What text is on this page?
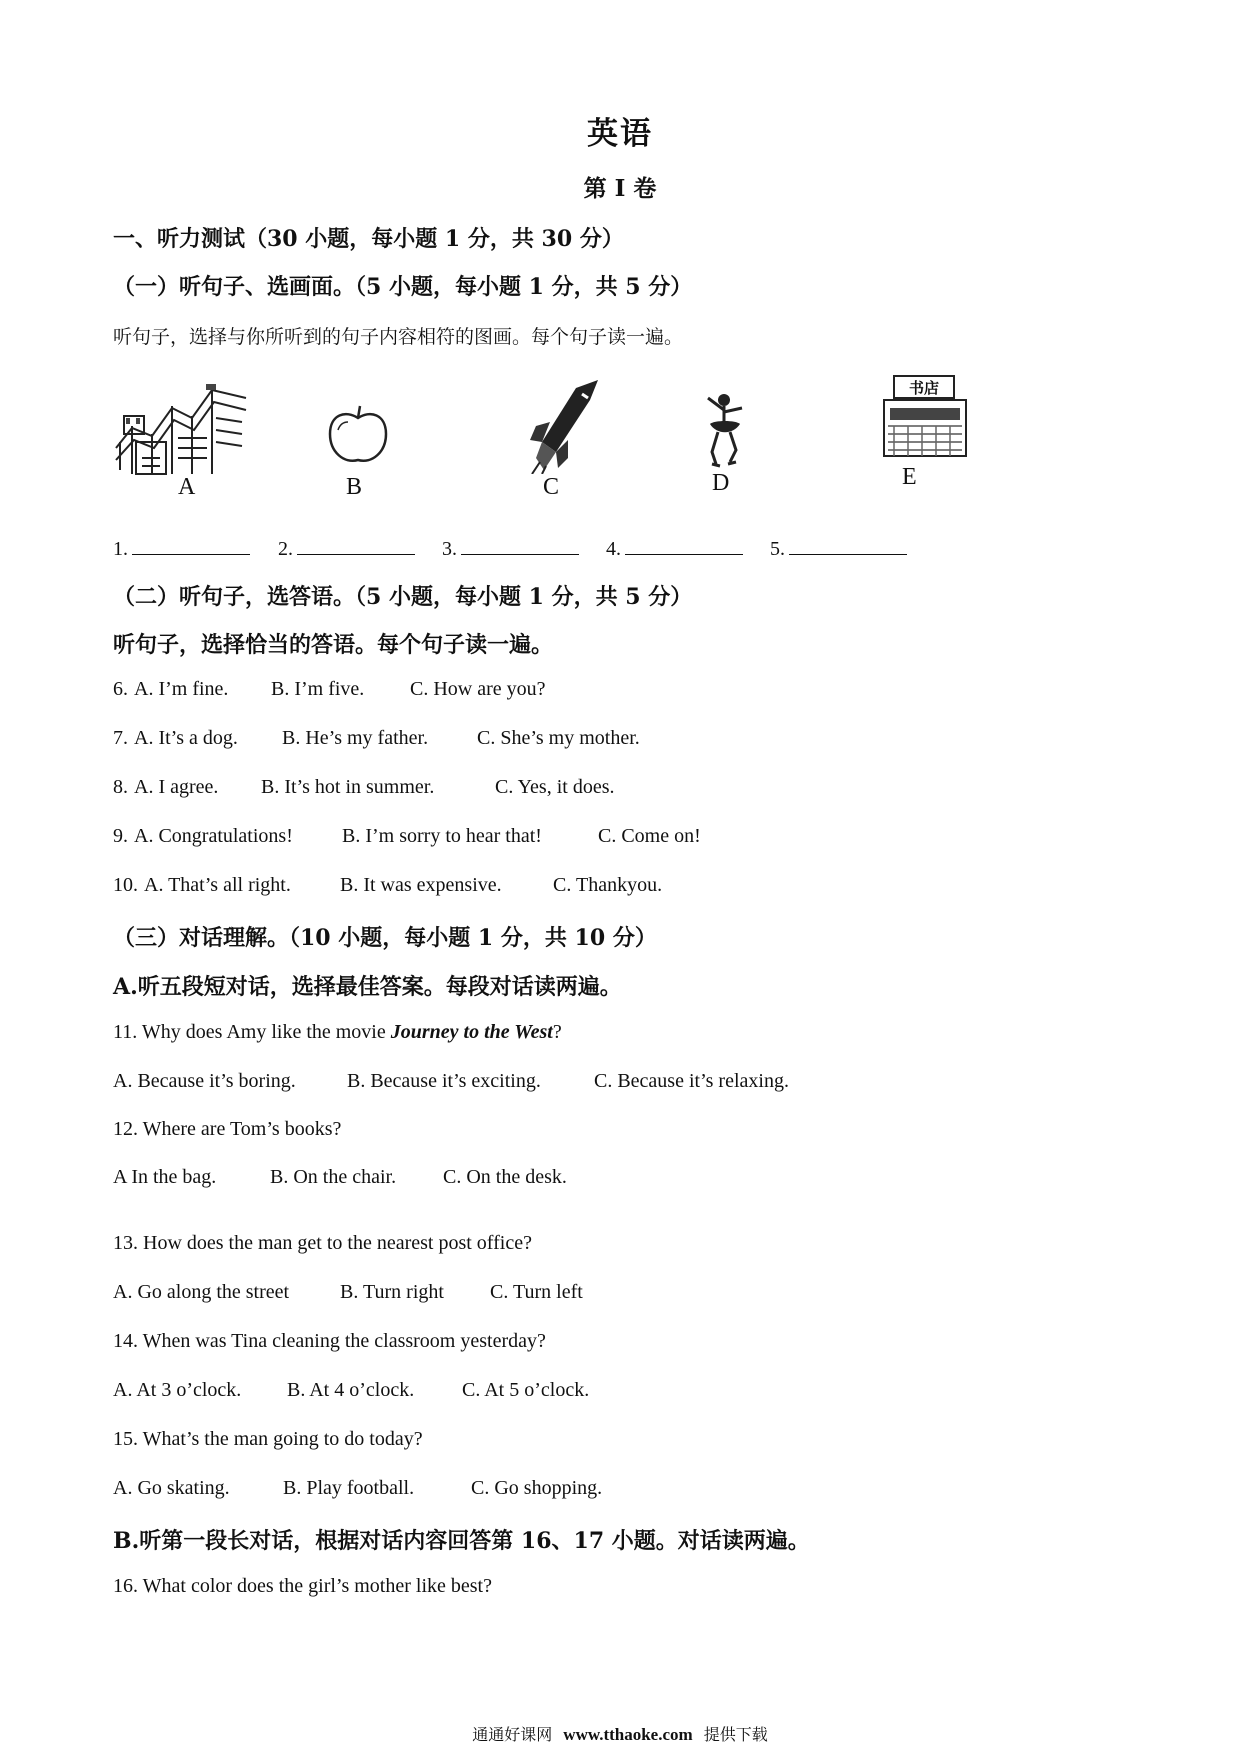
英语
第 I 卷
一、听力测试（30 小题，每小题 1 分，共 30 分）
（一）听句子、选画面。（5 小题，每小题 1 分，共 5 分）
听句子，选择与你所听到的句子内容相符的图画。每个句子读一遍。
A	B	C	D
书店
E
1.	2.	3.	4.	5.
（二）听句子，选答语。（5 小题，每小题 1 分，共 5 分）
听句子，选择恰当的答语。每个句子读一遍。
6. A. I’m fine. B. I’m five. C. How are you?
7. A. It’s a dog. B. He’s my father. C. She’s my mother.
8. A. I agree. B. It’s hot in summer.	C. Yes, it does.
9. A. Congratulations! B. I’m sorry to hear that!	C. Come on!
10. A. That’s all right. B. It was expensive.	C. Thankyou.
（三）对话理解。（10 小题，每小题 1 分，共 10 分）
A.听五段短对话，选择最佳答案。每段对话读两遍。
11. Why does Amy like the movie Journey to the West?
A. Because it’s boring.	B. Because it’s exciting.	C. Because it’s relaxing.
12. Where are Tom’s books?
A In the bag.	B. On the chair. C. On the desk.
13. How does the man get to the nearest post office?
A. Go along the street	B. Turn right C. Turn left
14. When was Tina cleaning the classroom yesterday?
A. At 3 o’clock. B. At 4 o’clock. C. At 5 o’clock.
15. What’s the man going to do today?
A. Go skating.	B. Play football.	C. Go shopping.
B.听第一段长对话，根据对话内容回答第 16、17 小题。对话读两遍。
16. What color does the girl’s mother like best?
通通好课网 www.tthaoke.com 提供下载
